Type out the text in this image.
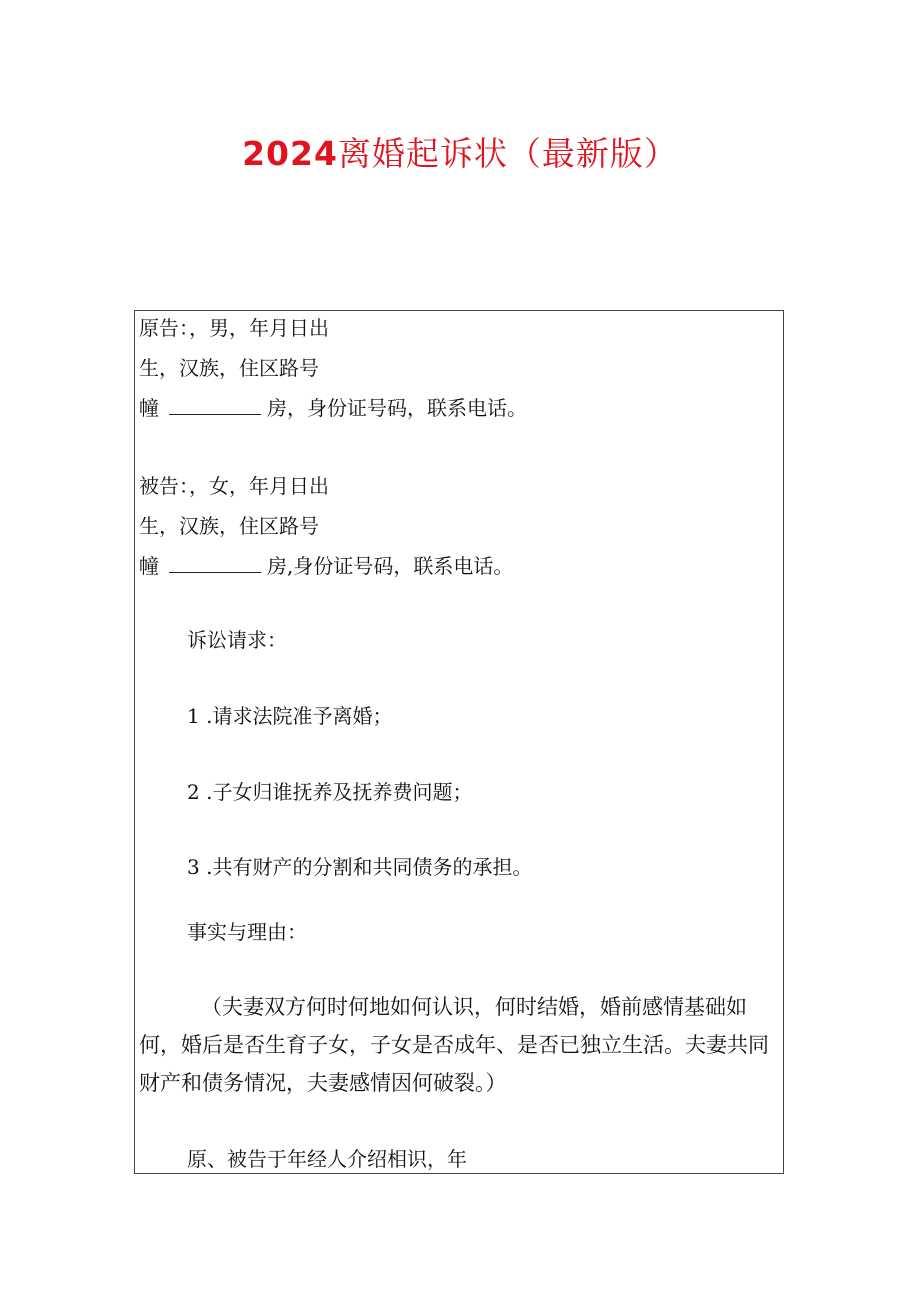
2024离婚起诉状（最新版）
原告：，男，年月日出
生，汉族，住区路号
幢	房，身份证号码，联系电话。
被告：，女，年月日出
生，汉族，住区路号
幢	房,身份证号码，联系电话。
诉讼请求：
1 .请求法院准予离婚；
2 .子女归谁抚养及抚养费问题；
3 .共有财产的分割和共同债务的承担。
事实与理由：
（夫妻双方何时何地如何认识，何时结婚，婚前感情基础如何，婚后是否生育子女，子女是否成年、是否已独立生活。夫妻共同财产和债务情况，夫妻感情因何破裂。）
原、被告于年经人介绍相识，年
